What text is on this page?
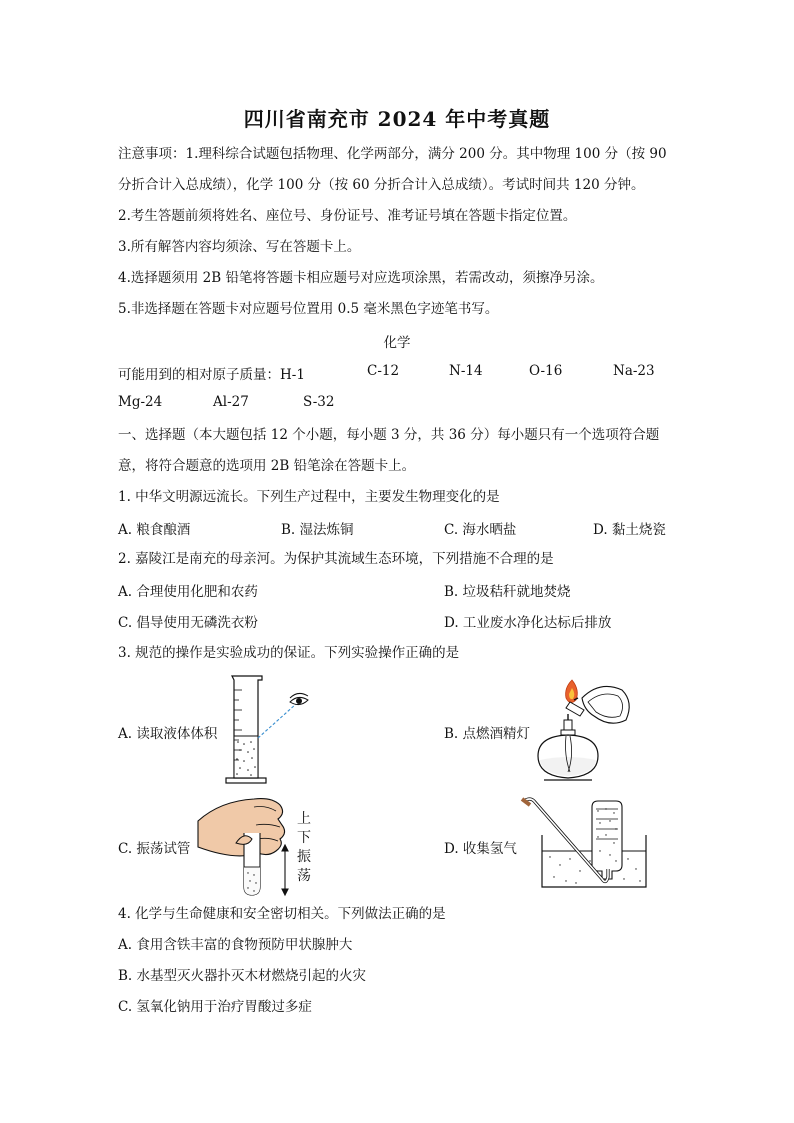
四川省南充市 2024 年中考真题
注意事项：1.理科综合试题包括物理、化学两部分，满分 200 分。其中物理 100 分（按 90
分折合计入总成绩），化学 100 分（按 60 分折合计入总成绩）。考试时间共 120 分钟。
2.考生答题前须将姓名、座位号、身份证号、准考证号填在答题卡指定位置。
3.所有解答内容均须涂、写在答题卡上。
4.选择题须用 2B 铅笔将答题卡相应题号对应选项涂黑，若需改动，须擦净另涂。
5.非选择题在答题卡对应题号位置用 0.5 毫米黑色字迹笔书写。
化学
可能用到的相对原子质量：H-1	C-12	N-14	O-16	Na-23
Mg-24	Al-27	S-32
一、选择题（本大题包括 12 个小题，每小题 3 分，共 36 分）每小题只有一个选项符合题
意，将符合题意的选项用 2B 铅笔涂在答题卡上。
1. 中华文明源远流长。下列生产过程中，主要发生物理变化的是
A. 粮食酿酒	B. 湿法炼铜	C. 海水晒盐	D. 黏土烧瓷
2. 嘉陵江是南充的母亲河。为保护其流域生态环境，下列措施不合理的是
A. 合理使用化肥和农药	B. 垃圾秸秆就地焚烧
C. 倡导使用无磷洗衣粉	D. 工业废水净化达标后排放
3. 规范的操作是实验成功的保证。下列实验操作正确的是
A. 读取液体体积	B. 点燃酒精灯
C. 振荡试管	D. 收集氢气
上
下
振
荡
4. 化学与生命健康和安全密切相关。下列做法正确的是
A. 食用含铁丰富的食物预防甲状腺肿大
B. 水基型灭火器扑灭木材燃烧引起的火灾
C. 氢氧化钠用于治疗胃酸过多症
